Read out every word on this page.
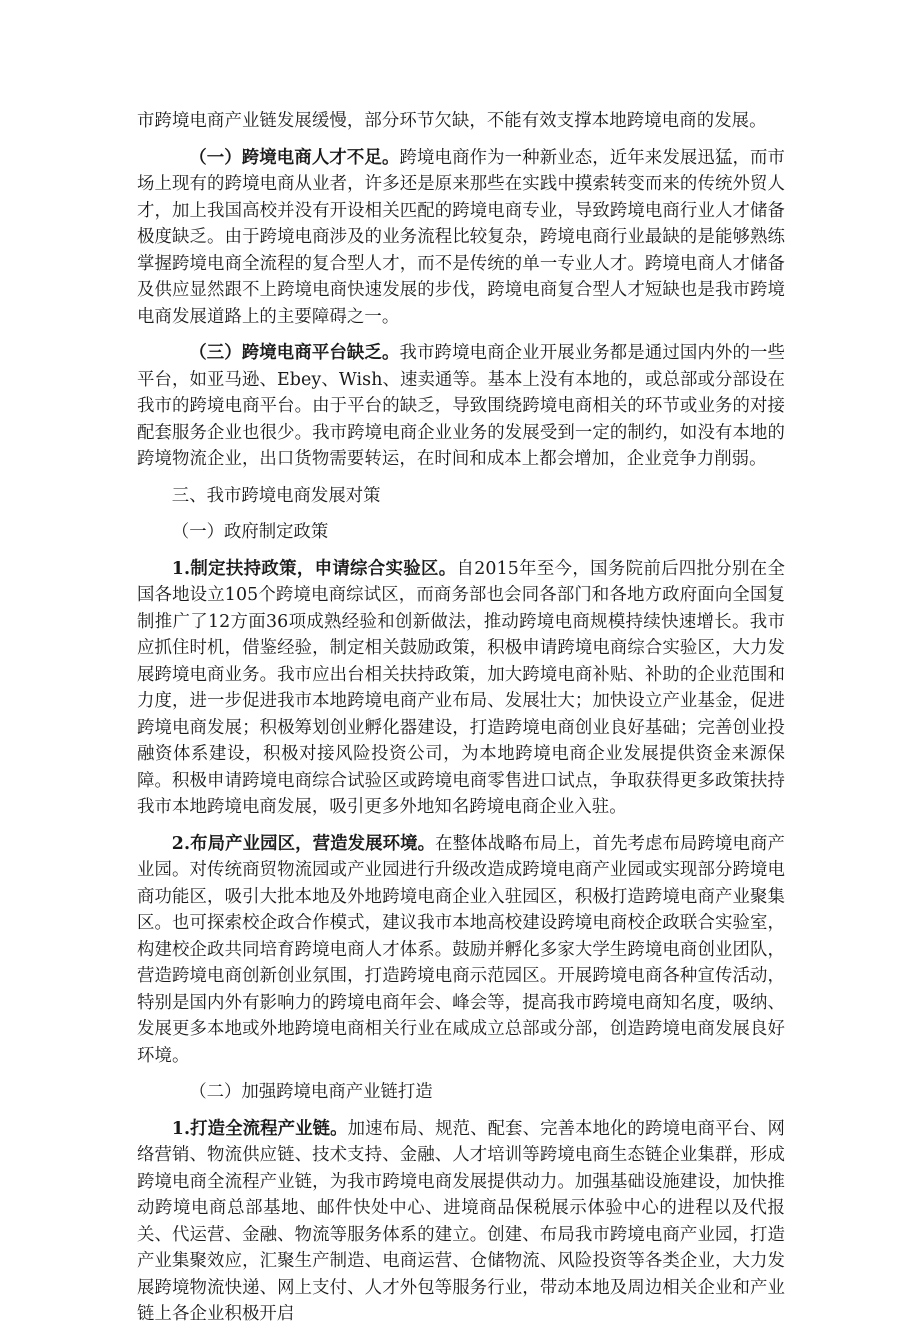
市跨境电商产业链发展缓慢，部分环节欠缺，不能有效支撑本地跨境电商的发展。

（一）跨境电商人才不足。跨境电商作为一种新业态，近年来发展迅猛，而市场上现有的跨境电商从业者，许多还是原来那些在实践中摸索转变而来的传统外贸人才，加上我国高校并没有开设相关匹配的跨境电商专业，导致跨境电商行业人才储备极度缺乏。由于跨境电商涉及的业务流程比较复杂，跨境电商行业最缺的是能够熟练掌握跨境电商全流程的复合型人才，而不是传统的单一专业人才。跨境电商人才储备及供应显然跟不上跨境电商快速发展的步伐，跨境电商复合型人才短缺也是我市跨境电商发展道路上的主要障碍之一。

（三）跨境电商平台缺乏。我市跨境电商企业开展业务都是通过国内外的一些平台，如亚马逊、Ebey、Wish、速卖通等。基本上没有本地的，或总部或分部设在我市的跨境电商平台。由于平台的缺乏，导致围绕跨境电商相关的环节或业务的对接配套服务企业也很少。我市跨境电商企业业务的发展受到一定的制约，如没有本地的跨境物流企业，出口货物需要转运，在时间和成本上都会增加，企业竞争力削弱。

三、我市跨境电商发展对策

（一）政府制定政策

1.制定扶持政策，申请综合实验区。自2015年至今，国务院前后四批分别在全国各地设立105个跨境电商综试区，而商务部也会同各部门和各地方政府面向全国复制推广了12方面36项成熟经验和创新做法，推动跨境电商规模持续快速增长。我市应抓住时机，借鉴经验，制定相关鼓励政策，积极申请跨境电商综合实验区，大力发展跨境电商业务。我市应出台相关扶持政策，加大跨境电商补贴、补助的企业范围和力度，进一步促进我市本地跨境电商产业布局、发展壮大；加快设立产业基金，促进跨境电商发展；积极筹划创业孵化器建设，打造跨境电商创业良好基础；完善创业投融资体系建设，积极对接风险投资公司，为本地跨境电商企业发展提供资金来源保障。积极申请跨境电商综合试验区或跨境电商零售进口试点，争取获得更多政策扶持我市本地跨境电商发展，吸引更多外地知名跨境电商企业入驻。

2.布局产业园区，营造发展环境。在整体战略布局上，首先考虑布局跨境电商产业园。对传统商贸物流园或产业园进行升级改造成跨境电商产业园或实现部分跨境电商功能区，吸引大批本地及外地跨境电商企业入驻园区，积极打造跨境电商产业聚集区。也可探索校企政合作模式，建议我市本地高校建设跨境电商校企政联合实验室，构建校企政共同培育跨境电商人才体系。鼓励并孵化多家大学生跨境电商创业团队，营造跨境电商创新创业氛围，打造跨境电商示范园区。开展跨境电商各种宣传活动，特别是国内外有影响力的跨境电商年会、峰会等，提高我市跨境电商知名度，吸纳、发展更多本地或外地跨境电商相关行业在咸成立总部或分部，创造跨境电商发展良好环境。

（二）加强跨境电商产业链打造

1.打造全流程产业链。加速布局、规范、配套、完善本地化的跨境电商平台、网络营销、物流供应链、技术支持、金融、人才培训等跨境电商生态链企业集群，形成跨境电商全流程产业链，为我市跨境电商发展提供动力。加强基础设施建设，加快推动跨境电商总部基地、邮件快处中心、进境商品保税展示体验中心的进程以及代报关、代运营、金融、物流等服务体系的建立。创建、布局我市跨境电商产业园，打造产业集聚效应，汇聚生产制造、电商运营、仓储物流、风险投资等各类企业，大力发展跨境物流快递、网上支付、人才外包等服务行业，带动本地及周边相关企业和产业链上各企业积极开启
